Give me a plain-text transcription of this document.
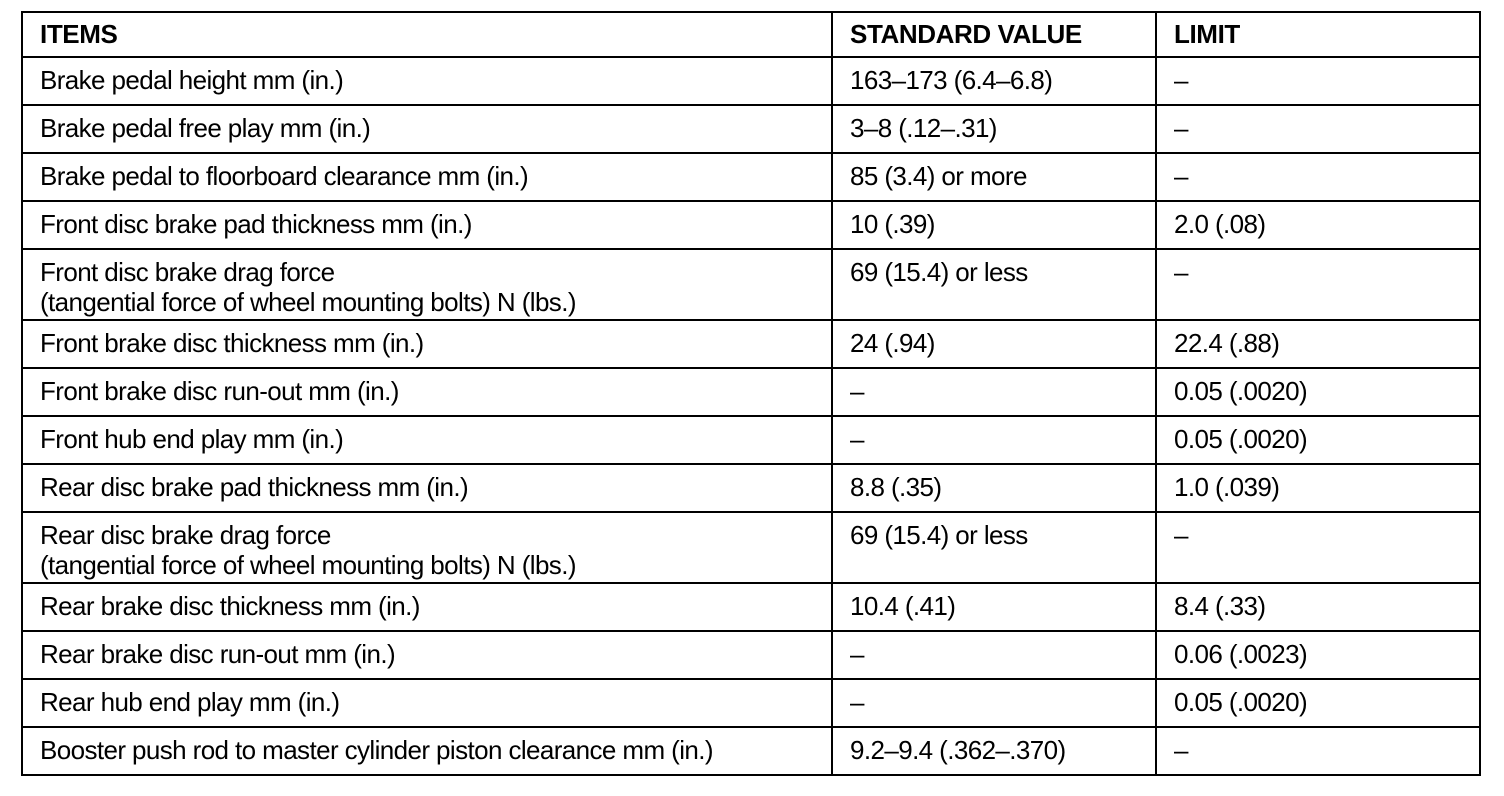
ITEMS	STANDARD VALUE	LIMIT
Brake pedal height mm (in.)	163–173 (6.4–6.8)	–
Brake pedal free play mm (in.)	3–8 (.12–.31)	–
Brake pedal to floorboard clearance mm (in.)	85 (3.4) or more	–
Front disc brake pad thickness mm (in.)	10 (.39)	2.0 (.08)
Front disc brake drag force
(tangential force of wheel mounting bolts) N (lbs.)	69 (15.4) or less	–
Front brake disc thickness mm (in.)	24 (.94)	22.4 (.88)
Front brake disc run-out mm (in.)	–	0.05 (.0020)
Front hub end play mm (in.)	–	0.05 (.0020)
Rear disc brake pad thickness mm (in.)	8.8 (.35)	1.0 (.039)
Rear disc brake drag force
(tangential force of wheel mounting bolts) N (lbs.)	69 (15.4) or less	–
Rear brake disc thickness mm (in.)	10.4 (.41)	8.4 (.33)
Rear brake disc run-out mm (in.)	–	0.06 (.0023)
Rear hub end play mm (in.)	–	0.05 (.0020)
Booster push rod to master cylinder piston clearance mm (in.)	9.2–9.4 (.362–.370)	–
